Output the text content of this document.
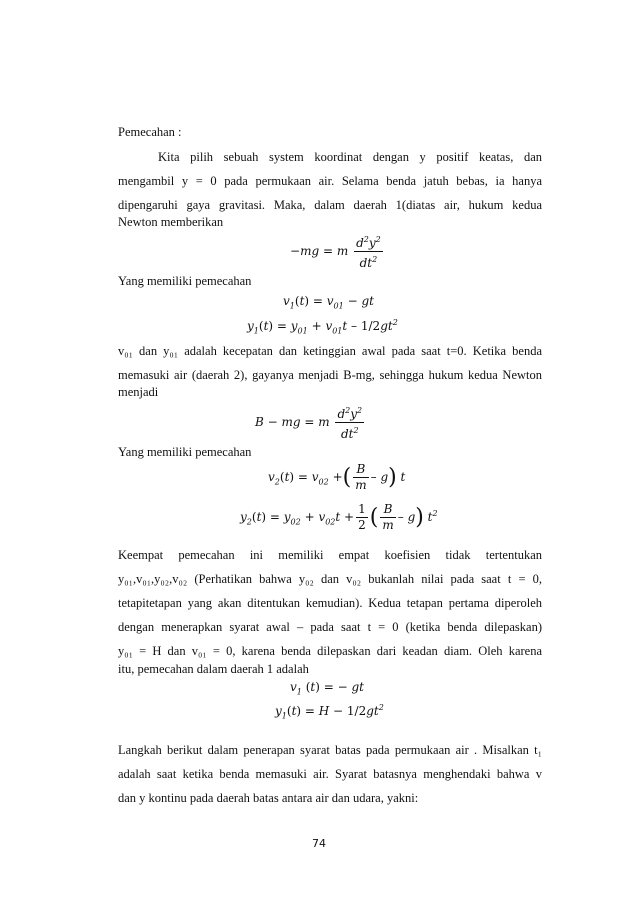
Pemecahan :
Kita pilih sebuah system koordinat dengan y positif keatas, dan
mengambil y = 0 pada permukaan air. Selama benda jatuh bebas, ia hanya
dipengaruhi gaya gravitasi. Maka, dalam daerah 1(diatas air, hukum kedua
Newton memberikan
−mg = m $\frac{d^2y^2}{dt^2}$
Yang memiliki pemecahan
$v_1(t) = v_{01}$ − gt
$y_1(t) = y_{01} + v_{01}t - 1/2gt^2$
v₀₁ dan y₀₁ adalah kecepatan dan ketinggian awal pada saat t=0. Ketika benda
memasuki air (daerah 2), gayanya menjadi B-mg, sehingga hukum kedua Newton
menjadi
B − mg = m $\frac{d^2y^2}{dt^2}$
Yang memiliki pemecahan
$v_2(t) = v_{02}$ +( $\frac{B}{m} - g$) t
$y_2(t) = y_{02} + v_{02}t + \frac{1}{2}$ ( $\frac{B}{m} - g$) $t^2$
Keempat pemecahan ini memiliki empat koefisien tidak tertentukan
y₀₁,v₀₁,y₀₂,v₀₂ (Perhatikan bahwa y₀₂ dan v₀₂ bukanlah nilai pada saat t = 0,
tetapitetapan yang akan ditentukan kemudian). Kedua tetapan pertama diperoleh
dengan menerapkan syarat awal – pada saat t = 0 (ketika benda dilepaskan)
y₀₁ = H dan v₀₁ = 0, karena benda dilepaskan dari keadan diam. Oleh karena
itu, pemecahan dalam daerah 1 adalah
$v_1$ (t) = − gt
$y_1(t) = H - 1/2gt^2$
Langkah berikut dalam penerapan syarat batas pada permukaan air . Misalkan t₁
adalah saat ketika benda memasuki air. Syarat batasnya menghendaki bahwa v
dan y kontinu pada daerah batas antara air dan udara, yakni:
74
